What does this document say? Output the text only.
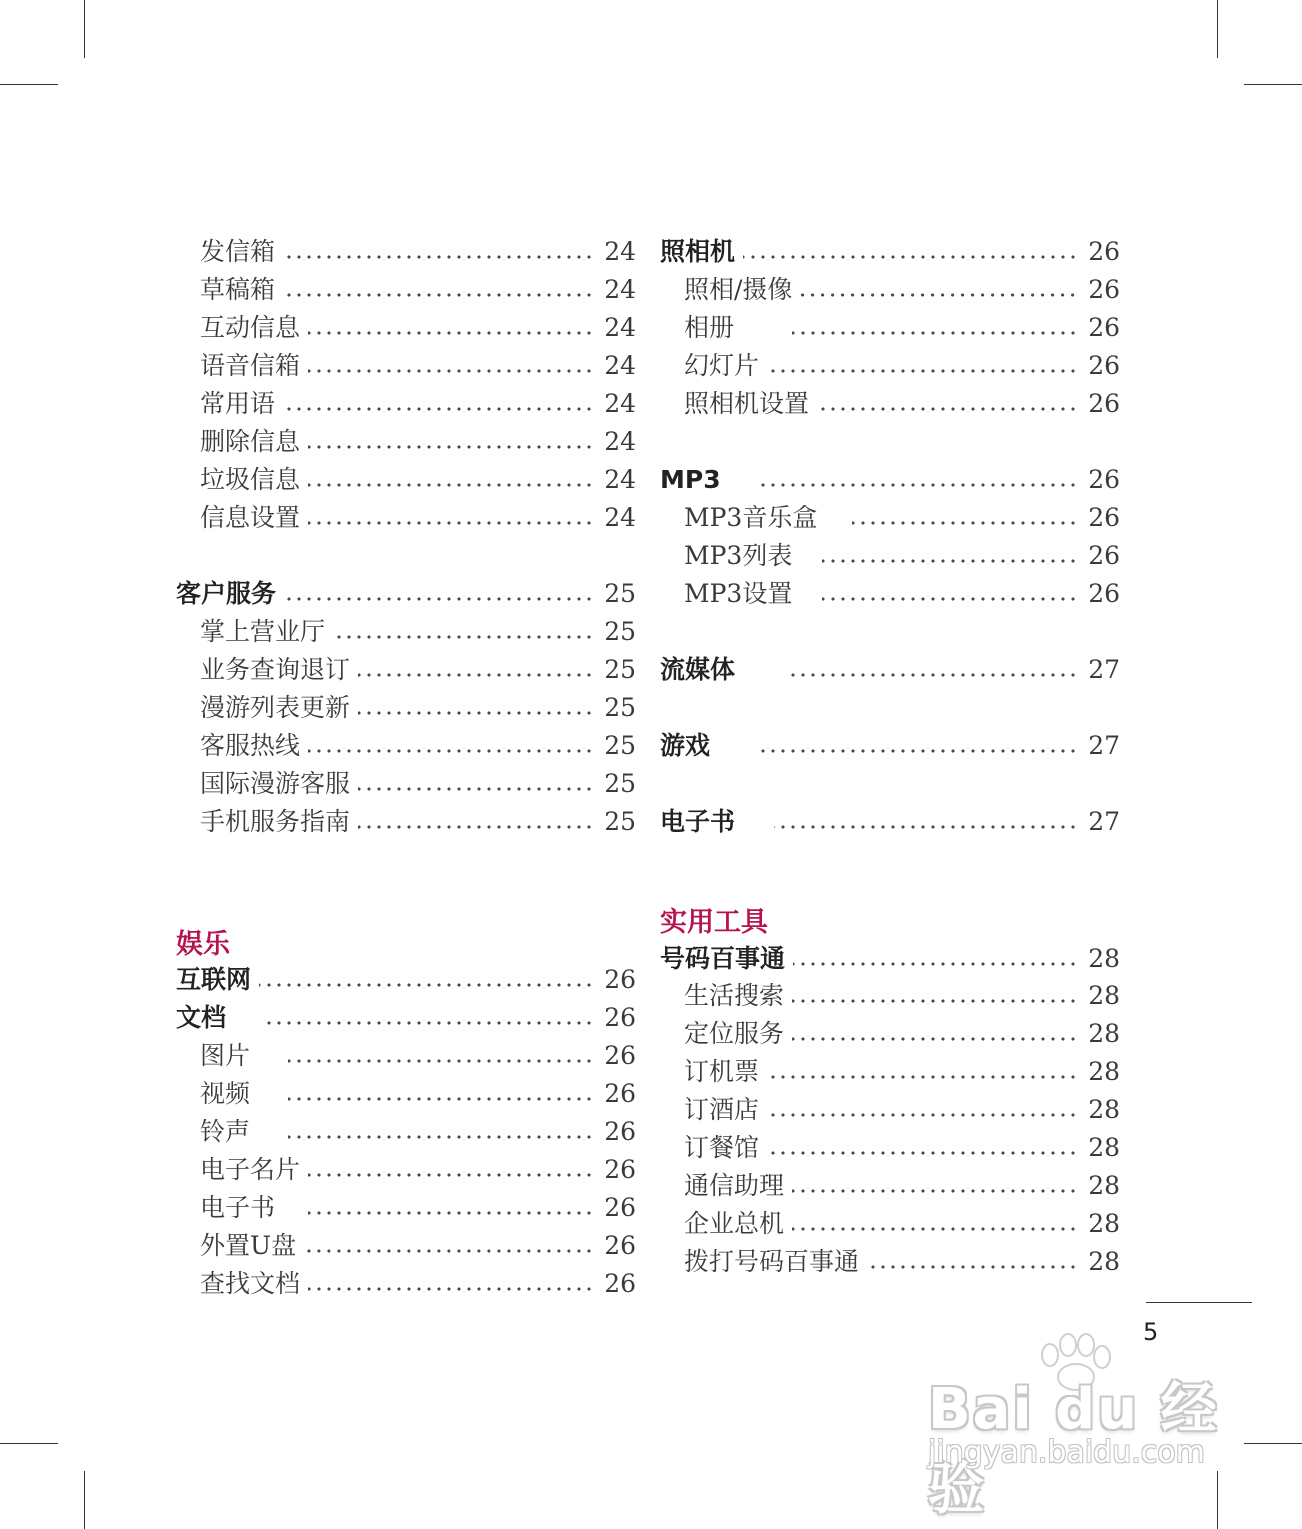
发信箱	24
草稿箱	24
互动信息	24
语音信箱	24
常用语	24
删除信息	24
垃圾信息	24
信息设置	24
客户服务	25
掌上营业厅	25
业务查询退订	25
漫游列表更新	25
客服热线	25
国际漫游客服	25
手机服务指南	25
娱乐
互联网	26
文档	26
图片	26
视频	26
铃声	26
电子名片	26
电子书	26
外置U盘	26
查找文档	26
照相机	26
照相/摄像	26
相册	26
幻灯片	26
照相机设置	26
MP3	26
MP3音乐盒	26
MP3列表	26
MP3设置	26
流媒体	27
游戏	27
电子书	27
实用工具
号码百事通	28
生活搜索	28
定位服务	28
订机票	28
订酒店	28
订餐馆	28
通信助理	28
企业总机	28
拨打号码百事通	28
5
Bai du 经验
jingyan.baidu.com
